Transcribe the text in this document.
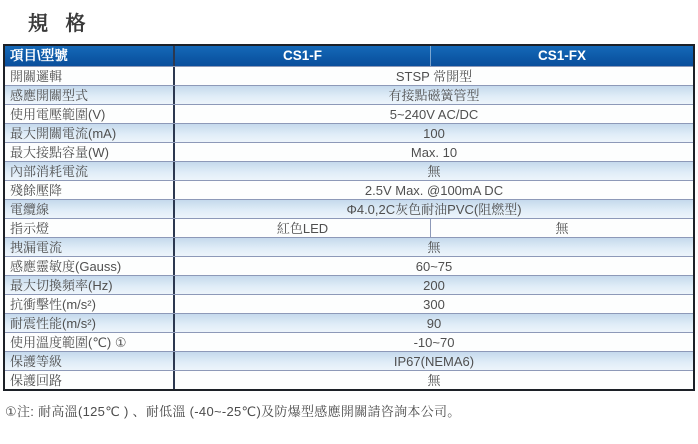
規 格
項目\型號	CS1-F	CS1-FX
開關邏輯	STSP 常開型
感應開關型式	有接點磁簧管型
使用電壓範圍(V)	5~240V AC/DC
最大開關電流(mA)	100
最大接點容量(W)	Max. 10
內部消耗電流	無
殘餘壓降	2.5V Max. @100mA DC
電纜線	Φ4.0,2C灰色耐油PVC(阻燃型)
指示燈	紅色LED	無
拽漏電流	無
感應靈敏度(Gauss)	60~75
最大切換頻率(Hz)	200
抗衝擊性(m/s²)	300
耐震性能(m/s²)	90
使用溫度範圍(℃) ①	-10~70
保護等級	IP67(NEMA6)
保護回路	無
①注: 耐高溫(125℃ ) 、耐低溫 (-40~-25℃)及防爆型感應開關請咨詢本公司。
